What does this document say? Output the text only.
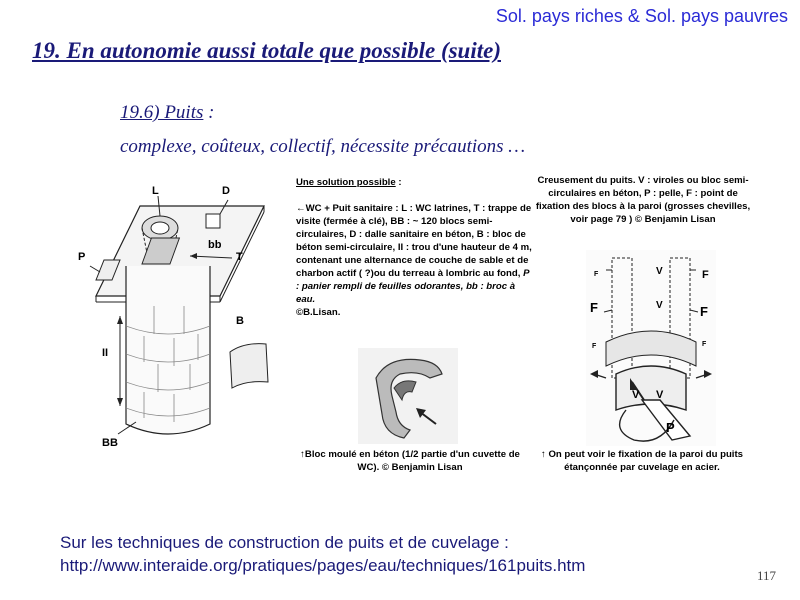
Sol. pays riches & Sol. pays pauvres
19. En autonomie aussi totale que possible (suite)
19.6) Puits :
complexe, coûteux, collectif, nécessite précautions …
L	D
P
bb
T
B
II
BB
Une solution possible :

←WC + Puit sanitaire : L : WC latrines, T : trappe de visite (fermée à clé), BB : ~ 120 blocs semi-circulaires, D : dalle sanitaire en béton, B : bloc de béton semi-circulaire, II : trou d'une hauteur de 4 m, contenant une alternance de couche de sable et de charbon actif ( ?)ou du terreau à lombric au fond, P : panier rempli de feuilles odorantes, bb : broc à eau.
©B.Lisan.
Creusement du puits. V : viroles ou bloc semi-circulaires en béton, P : pelle, F : point de fixation des blocs à la paroi (grosses chevilles, voir page 79 ) © Benjamin Lisan
F	F
F	F
F	F
V
V
V V
P
↑Bloc moulé en béton (1/2 partie d'un cuvette de WC). © Benjamin Lisan
↑ On peut voir le fixation de la paroi du puits étançonnée par cuvelage en acier.
Sur les techniques de construction de puits et de cuvelage :
http://www.interaide.org/pratiques/pages/eau/techniques/161puits.htm
117
